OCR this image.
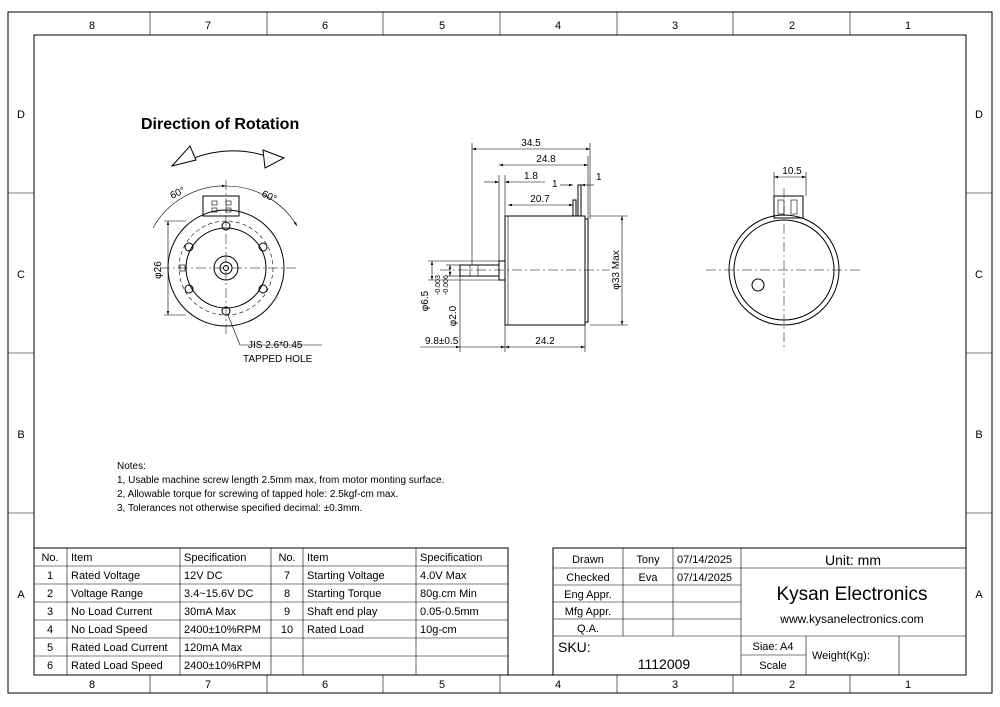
8	7	6	5	4	3	2	1
8	7	6	5	4	3	2	1
D
C
B
A
D
C
B
A
Direction of Rotation
60°	60°
φ26
JIS 2.6*0.45
TAPPED HOLE
34.5
24.8
1.8
1
1
20.7
φ33 Max
φ6.5
φ2.0
-0.003 -0.006
9.8±0.5	24.2
10.5
Notes:
1, Usable machine screw length 2.5mm max, from motor monting surface.
2, Allowable torque for screwing of tapped hole: 2.5kgf-cm max.
3, Tolerances not otherwise specified decimal: ±0.3mm.
No. Item	Specification	No. Item	Specification
1 Rated Voltage	12V DC	7 Starting Voltage	4.0V Max
2 Voltage Range	3.4~15.6V DC	8 Starting Torque	80g.cm Min
3 No Load Current	30mA Max	9 Shaft end play	0.05-0.5mm
4 No Load Speed	2400±10%RPM 10 Rated Load	10g-cm
5 Rated Load Current 120mA Max
6 Rated Load Speed 2400±10%RPM
Drawn	Tony 07/14/2025
Checked	Eva 07/14/2025
Eng Appr.
Mfg Appr.
Q.A.
Unit: mm
Kysan Electronics
www.kysanelectronics.com
SKU:
1112009
Siae: A4
Scale
Weight(Kg):
